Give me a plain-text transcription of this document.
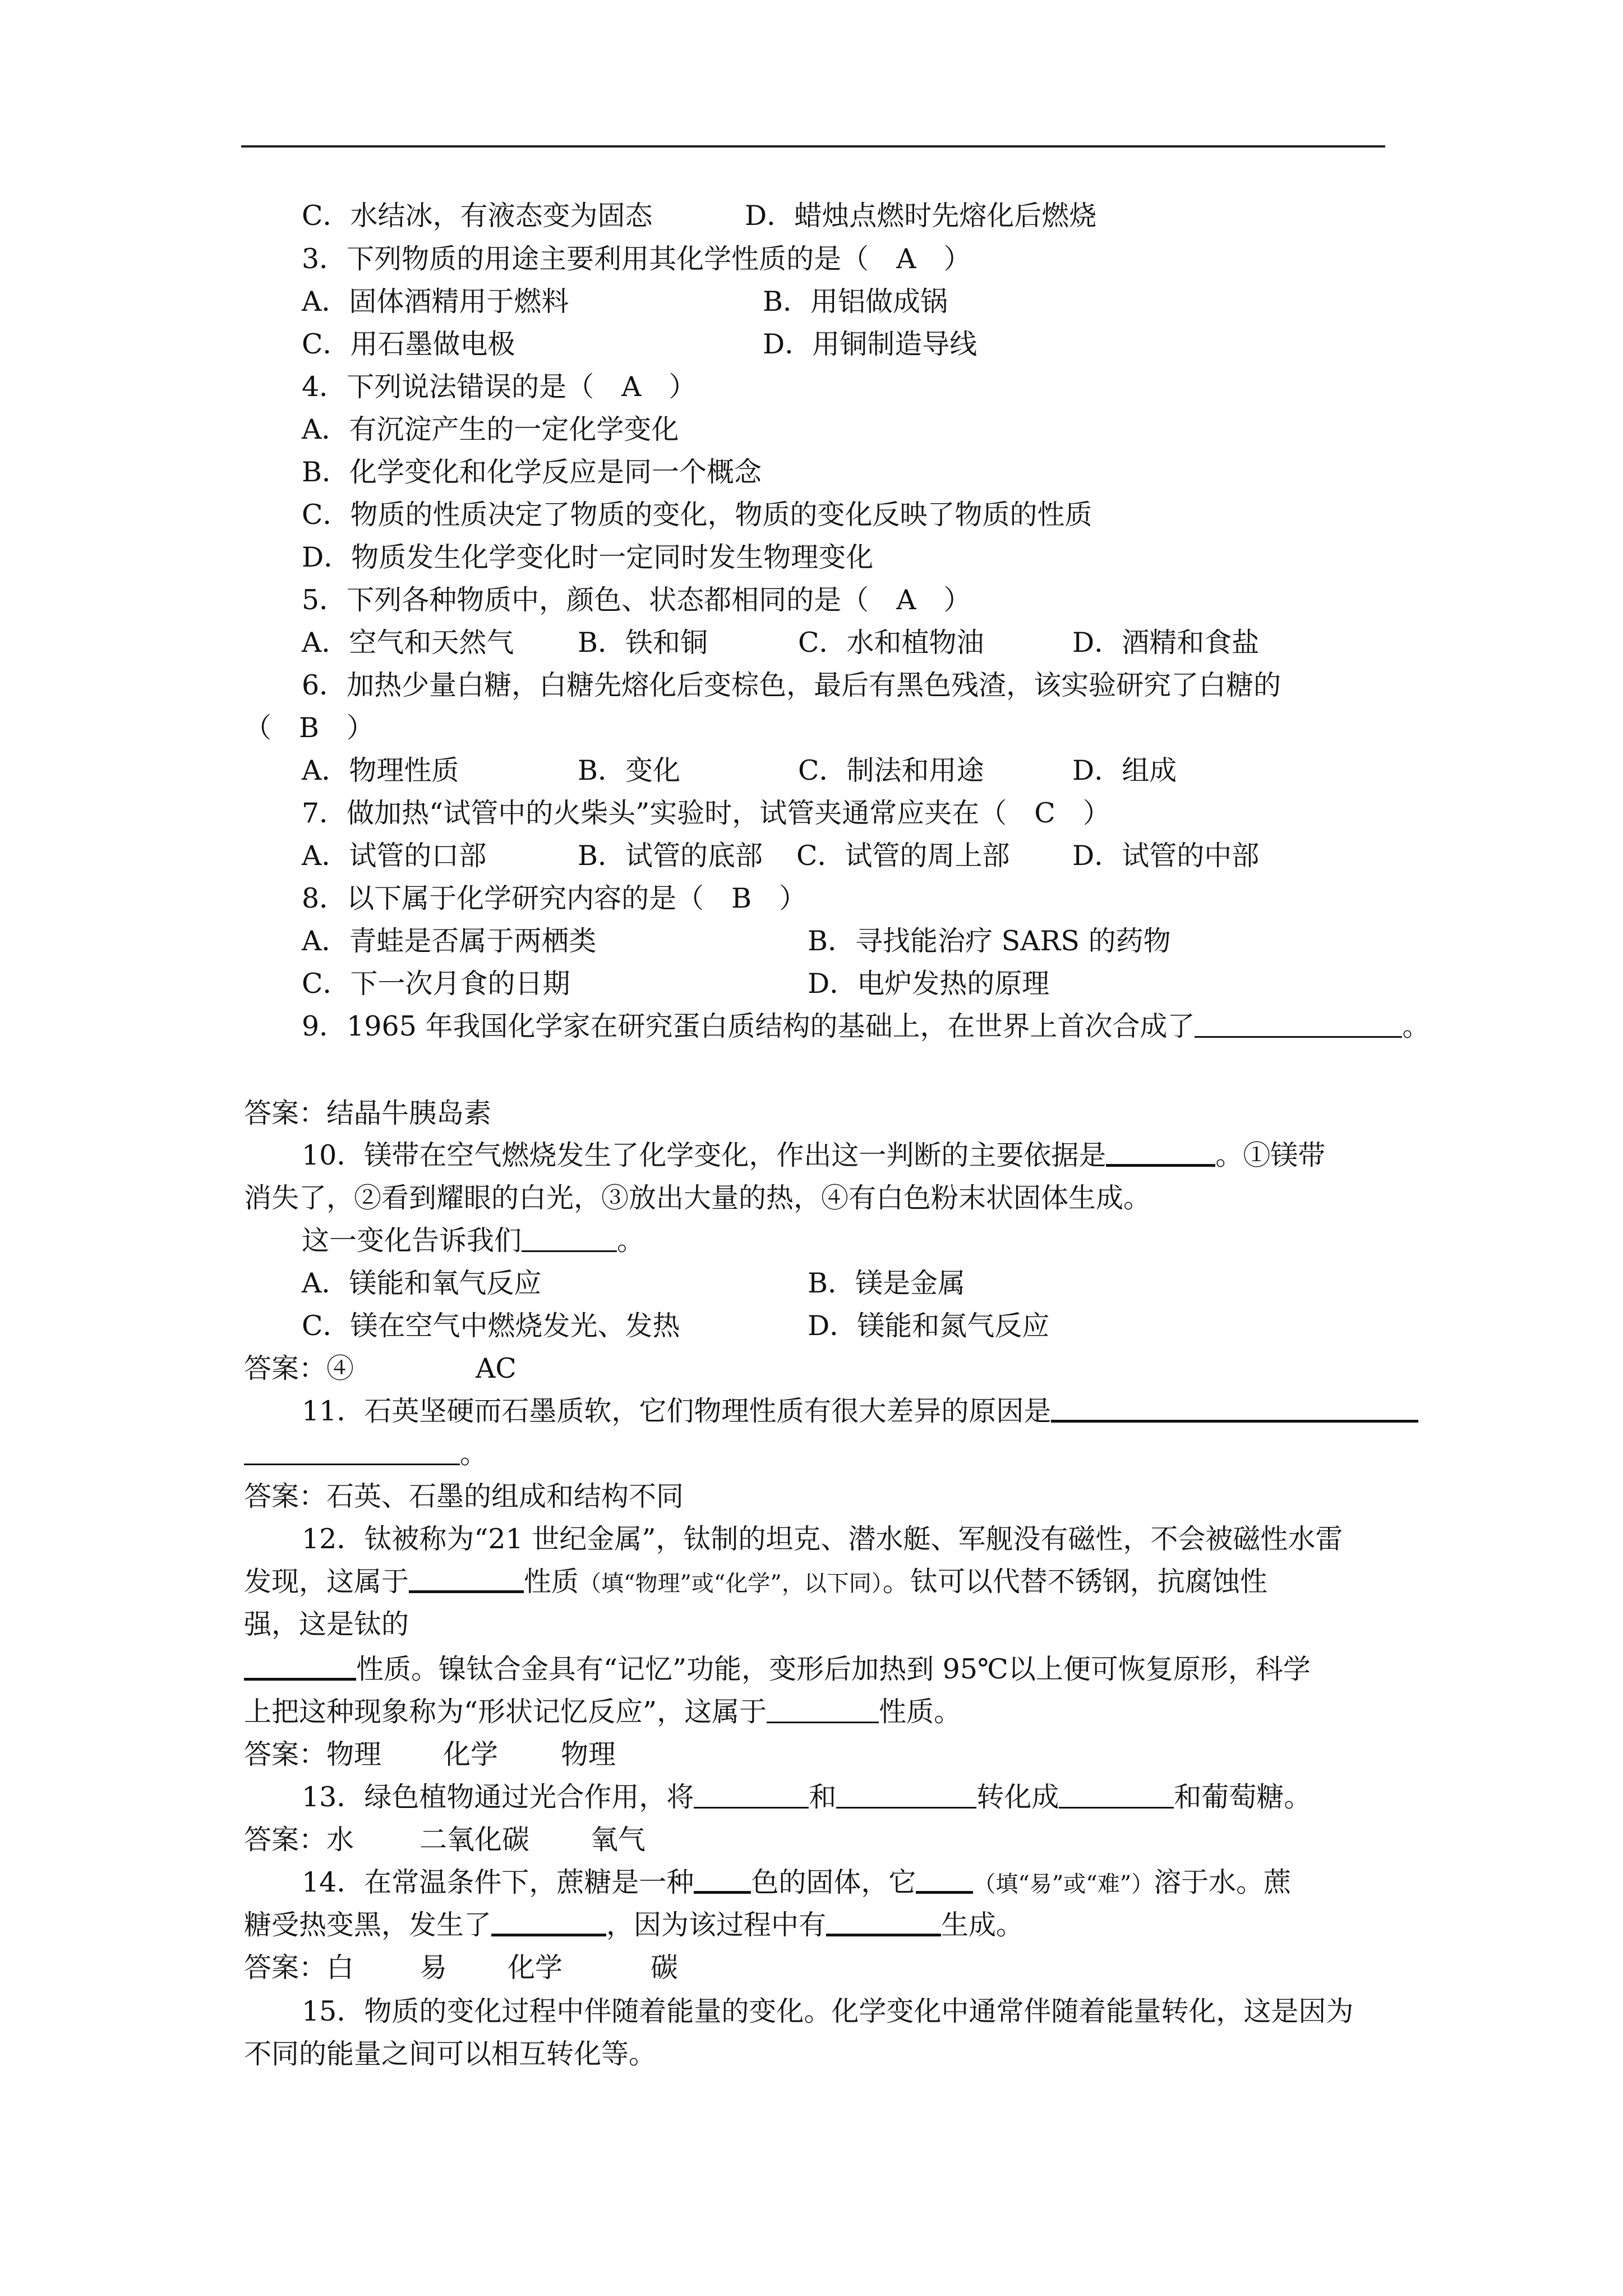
C．水结冰，有液态变为固态	D．蜡烛点燃时先熔化后燃烧
3．下列物质的用途主要利用其化学性质的是（　A　）
A．固体酒精用于燃料	B．用铝做成锅
C．用石墨做电极	D．用铜制造导线
4．下列说法错误的是（　A　）
A．有沉淀产生的一定化学变化
B．化学变化和化学反应是同一个概念
C．物质的性质决定了物质的变化，物质的变化反映了物质的性质
D．物质发生化学变化时一定同时发生物理变化
5．下列各种物质中，颜色、状态都相同的是（　A　）
A．空气和天然气 B．铁和铜	C．水和植物油	D．酒精和食盐
6．加热少量白糖，白糖先熔化后变棕色，最后有黑色残渣，该实验研究了白糖的
（　B　）
A．物理性质	B．变化	C．制法和用途	D．组成
7．做加热“试管中的火柴头”实验时，试管夹通常应夹在（　C　）
A．试管的口部	B．试管的底部 C．试管的周上部 D．试管的中部
8．以下属于化学研究内容的是（　B　）
A．青蛙是否属于两栖类	B．寻找能治疗 SARS 的药物
C．下一次月食的日期	D．电炉发热的原理
9．1965 年我国化学家在研究蛋白质结构的基础上，在世界上首次合成了	。
答案：结晶牛胰岛素
10．镁带在空气燃烧发生了化学变化，作出这一判断的主要依据是	。①镁带
消失了，②看到耀眼的白光，③放出大量的热，④有白色粉末状固体生成。
这一变化告诉我们	。
A．镁能和氧气反应	B．镁是金属
C．镁在空气中燃烧发光、发热	D．镁能和氮气反应
答案：④	AC
11．石英坚硬而石墨质软，它们物理性质有很大差异的原因是
。
答案：石英、石墨的组成和结构不同
12．钛被称为“21 世纪金属”，钛制的坦克、潜水艇、军舰没有磁性，不会被磁性水雷
发现，这属于	性质（填“物理”或“化学”，以下同）。钛可以代替不锈钢，抗腐蚀性
强，这是钛的
性质。镍钛合金具有“记忆”功能，变形后加热到 95℃以上便可恢复原形，科学
上把这种现象称为“形状记忆反应”，这属于	性质。
答案：物理 化学 物理
13．绿色植物通过光合作用，将	和	转化成	和葡萄糖。
答案：水 二氧化碳 氧气
14．在常温条件下，蔗糖是一种 色的固体，它	（填“易”或“难”）溶于水。蔗
糖受热变黑，发生了	，因为该过程中有	生成。
答案：白 易 化学	碳
15．物质的变化过程中伴随着能量的变化。化学变化中通常伴随着能量转化，这是因为
不同的能量之间可以相互转化等。
